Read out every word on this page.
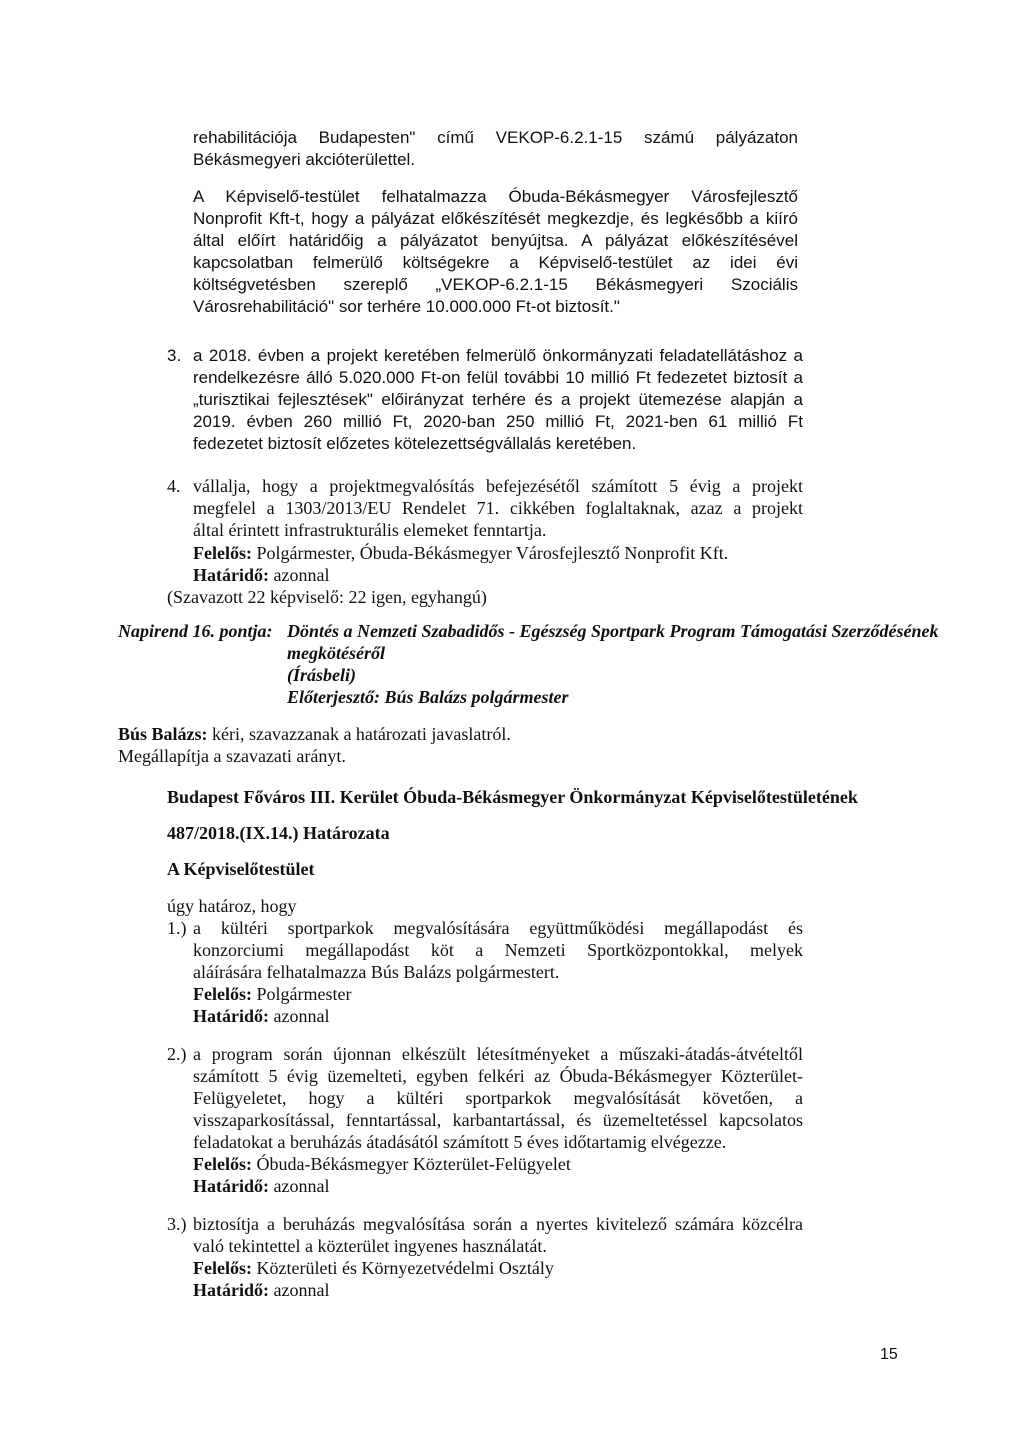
rehabilitációja Budapesten" című VEKOP-6.2.1-15 számú pályázaton
Békásmegyeri akcióterülettel.
A Képviselő-testület felhatalmazza Óbuda-Békásmegyer Városfejlesztő
Nonprofit Kft-t, hogy a pályázat előkészítését megkezdje, és legkésőbb a kiíró
által előírt határidőig a pályázatot benyújtsa. A pályázat előkészítésével
kapcsolatban felmerülő költségekre a Képviselő-testület az idei évi
költségvetésben szereplő „VEKOP-6.2.1-15 Békásmegyeri Szociális
Városrehabilitáció" sor terhére 10.000.000 Ft-ot biztosít."
3. a 2018. évben a projekt keretében felmerülő önkormányzati feladatellátáshoz a
rendelkezésre álló 5.020.000 Ft-on felül további 10 millió Ft fedezetet biztosít a
„turisztikai fejlesztések" előirányzat terhére és a projekt ütemezése alapján a
2019. évben 260 millió Ft, 2020-ban 250 millió Ft, 2021-ben 61 millió Ft
fedezetet biztosít előzetes kötelezettségvállalás keretében.
4. vállalja, hogy a projektmegvalósítás befejezésétől számított 5 évig a projekt
megfelel a 1303/2013/EU Rendelet 71. cikkében foglaltaknak, azaz a projekt
által érintett infrastrukturális elemeket fenntartja.
Felelős: Polgármester, Óbuda-Békásmegyer Városfejlesztő Nonprofit Kft.
Határidő: azonnal
(Szavazott 22 képviselő: 22 igen, egyhangú)
Napirend 16. pontja: Döntés a Nemzeti Szabadidős - Egészség Sportpark Program Támogatási Szerződésének
megkötéséről
(Írásbeli)
Előterjesztő: Bús Balázs polgármester
Bús Balázs: kéri, szavazzanak a határozati javaslatról.
Megállapítja a szavazati arányt.
Budapest Főváros III. Kerület Óbuda-Békásmegyer Önkormányzat Képviselőtestületének
487/2018.(IX.14.) Határozata
A Képviselőtestület
úgy határoz, hogy
1.) a kültéri sportparkok megvalósítására együttműködési megállapodást és
konzorciumi megállapodást köt a Nemzeti Sportközpontokkal, melyek
aláírására felhatalmazza Bús Balázs polgármestert.
Felelős: Polgármester
Határidő: azonnal
2.) a program során újonnan elkészült létesítményeket a műszaki-átadás-átvételtől
számított 5 évig üzemelteti, egyben felkéri az Óbuda-Békásmegyer Közterület-
Felügyeletet, hogy a kültéri sportparkok megvalósítását követően, a
visszaparkosítással, fenntartással, karbantartással, és üzemeltetéssel kapcsolatos
feladatokat a beruházás átadásától számított 5 éves időtartamig elvégezze.
Felelős: Óbuda-Békásmegyer Közterület-Felügyelet
Határidő: azonnal
3.) biztosítja a beruházás megvalósítása során a nyertes kivitelező számára közcélra
való tekintettel a közterület ingyenes használatát.
Felelős: Közterületi és Környezetvédelmi Osztály
Határidő: azonnal
15
